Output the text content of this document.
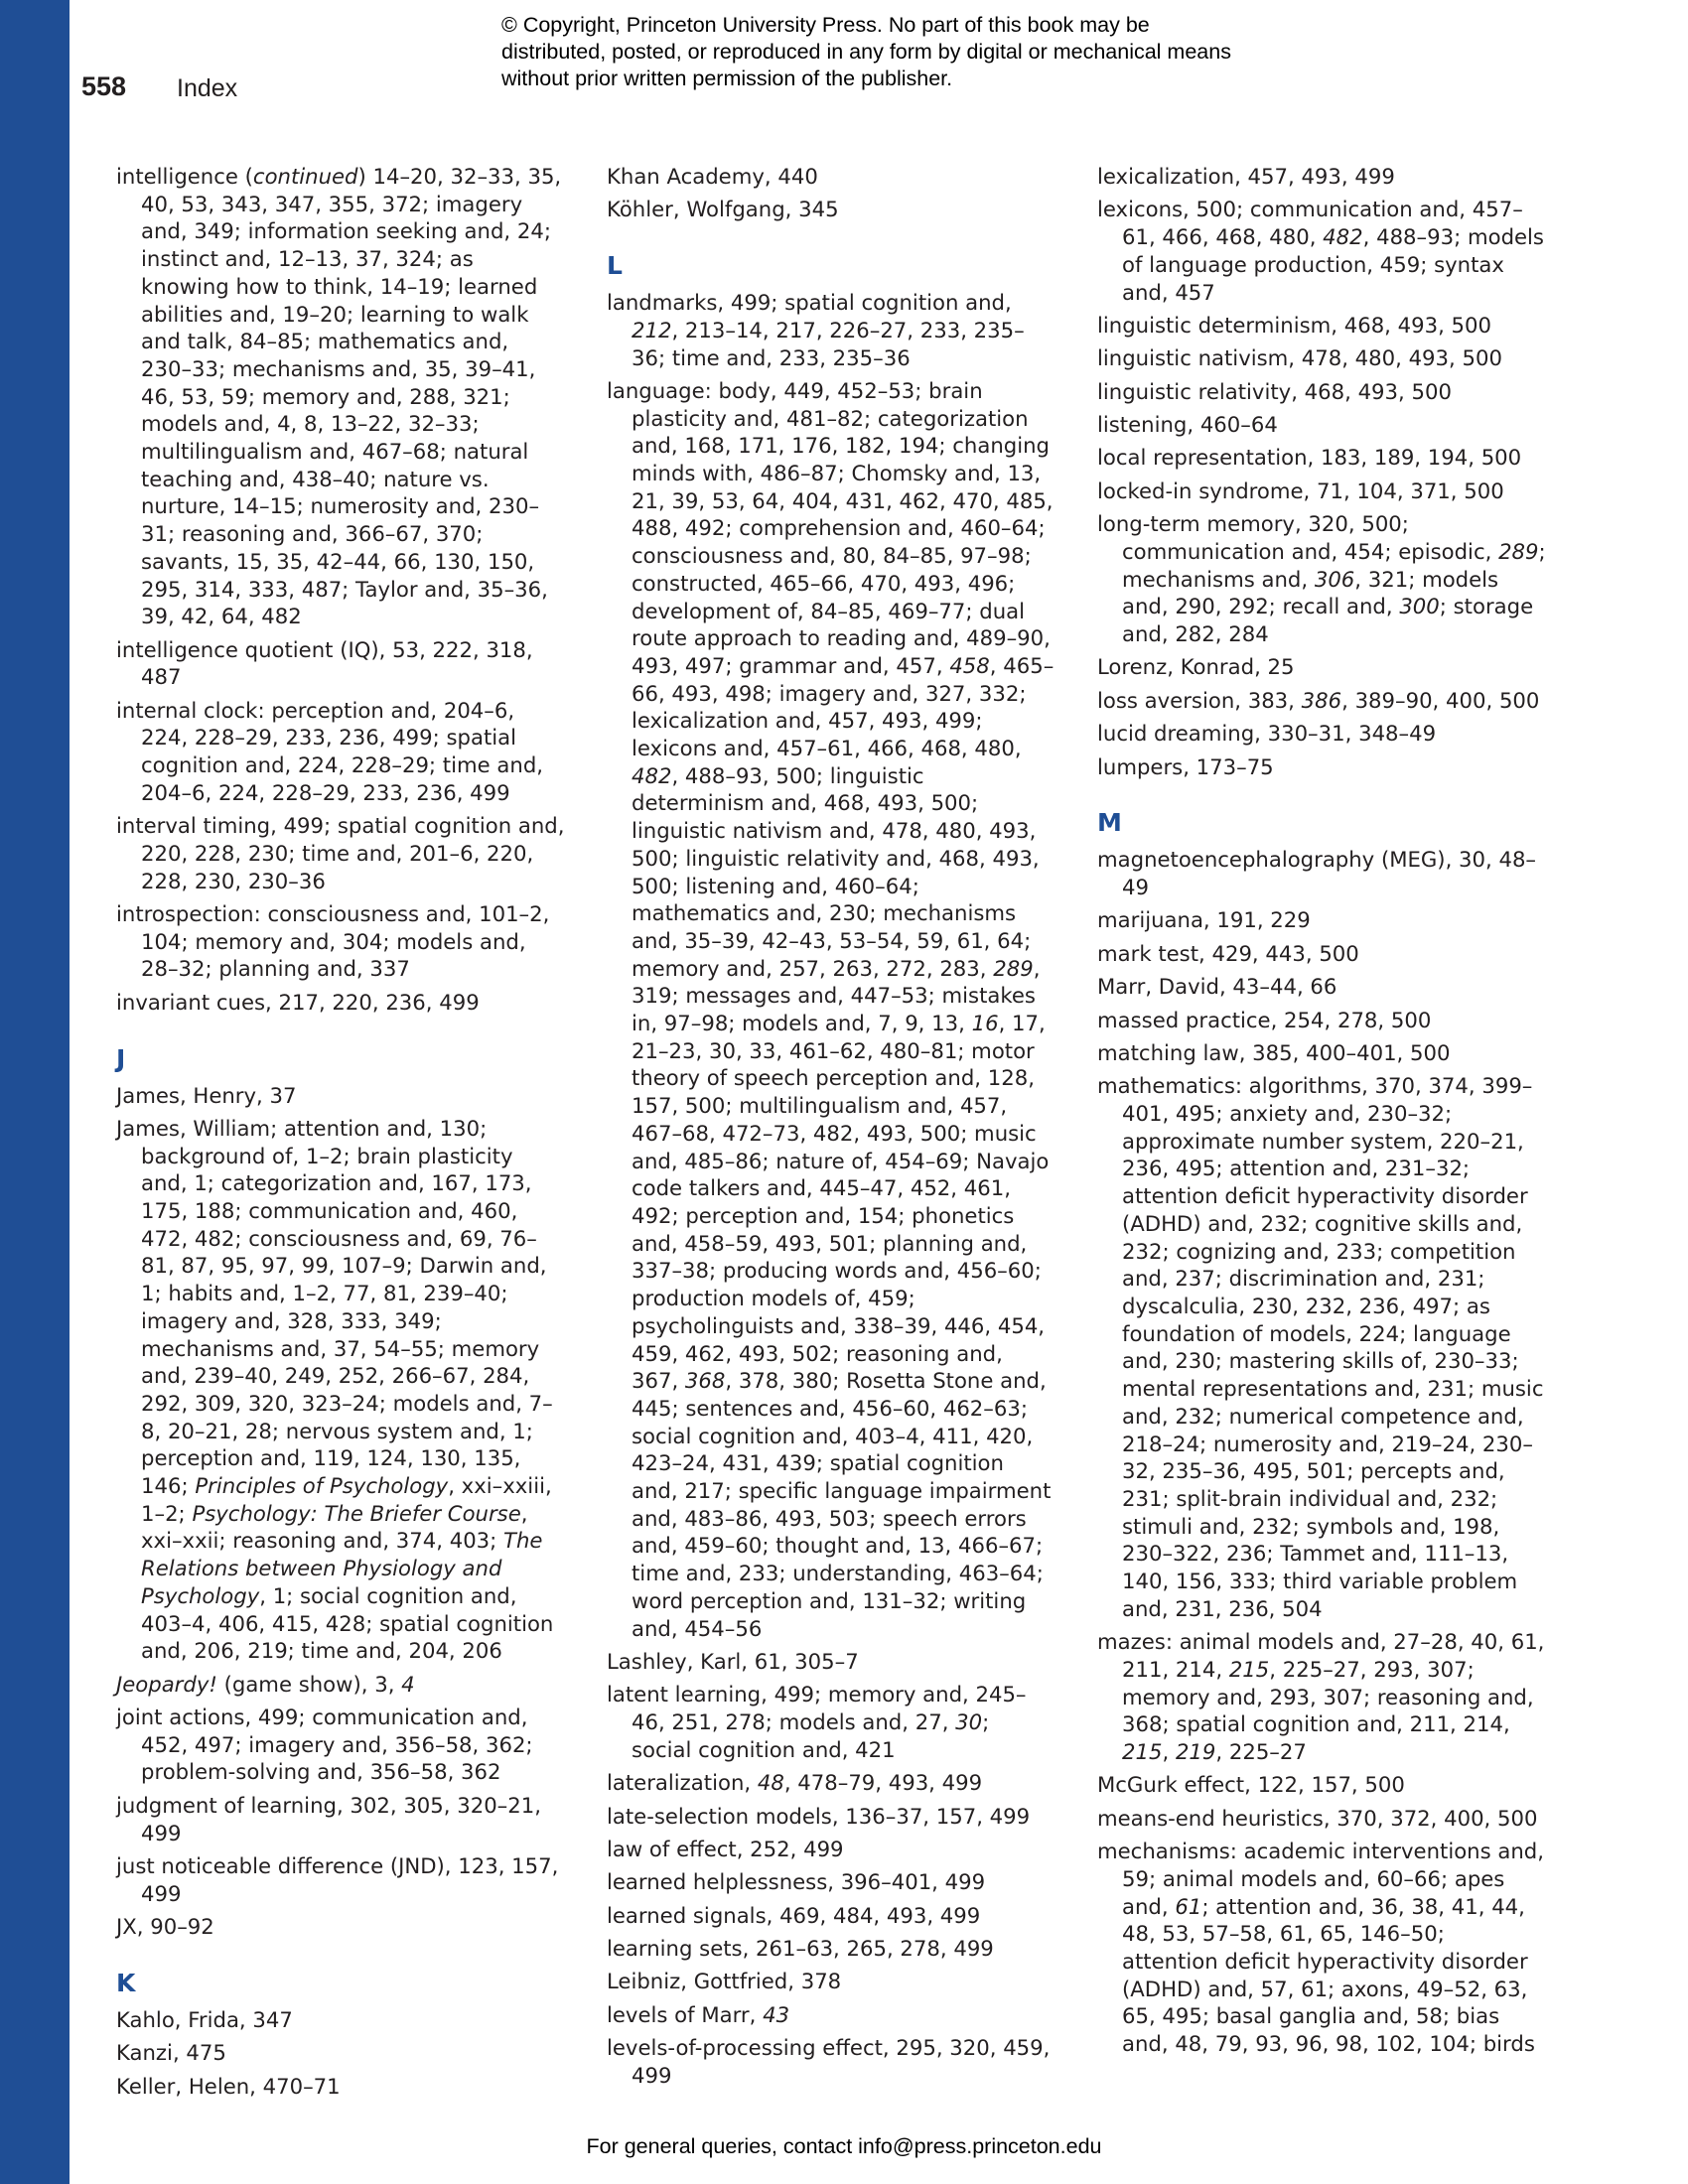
© Copyright, Princeton University Press. No part of this book may be distributed, posted, or reproduced in any form by digital or mechanical means without prior written permission of the publisher.
558 Index
intelligence (continued) 14–20, 32–33, 35, 40, 53, 343, 347, 355, 372; imagery and, 349; information seeking and, 24; instinct and, 12–13, 37, 324; as knowing how to think, 14–19; learned abilities and, 19–20; learning to walk and talk, 84–85; mathematics and, 230–33; mechanisms and, 35, 39–41, 46, 53, 59; memory and, 288, 321; models and, 4, 8, 13–22, 32–33; multilingualism and, 467–68; natural teaching and, 438–40; nature vs. nurture, 14–15; numerosity and, 230–31; reasoning and, 366–67, 370; savants, 15, 35, 42–44, 66, 130, 150, 295, 314, 333, 487; Taylor and, 35–36, 39, 42, 64, 482
intelligence quotient (IQ), 53, 222, 318, 487
internal clock: perception and, 204–6, 224, 228–29, 233, 236, 499; spatial cognition and, 224, 228–29; time and, 204–6, 224, 228–29, 233, 236, 499
interval timing, 499; spatial cognition and, 220, 228, 230; time and, 201–6, 220, 228, 230, 230–36
introspection: consciousness and, 101–2, 104; memory and, 304; models and, 28–32; planning and, 337
invariant cues, 217, 220, 236, 499
J
James, Henry, 37
James, William; attention and, 130; background of, 1–2; brain plasticity and, 1; categorization and, 167, 173, 175, 188; communication and, 460, 472, 482; consciousness and, 69, 76–81, 87, 95, 97, 99, 107–9; Darwin and, 1; habits and, 1–2, 77, 81, 239–40; imagery and, 328, 333, 349; mechanisms and, 37, 54–55; memory and, 239–40, 249, 252, 266–67, 284, 292, 309, 320, 323–24; models and, 7–8, 20–21, 28; nervous system and, 1; perception and, 119, 124, 130, 135, 146; Principles of Psychology, xxi–xxiii, 1–2; Psychology: The Briefer Course, xxi–xxii; reasoning and, 374, 403; The Relations between Physiology and Psychology, 1; social cognition and, 403–4, 406, 415, 428; spatial cognition and, 206, 219; time and, 204, 206
Jeopardy! (game show), 3, 4
joint actions, 499; communication and, 452, 497; imagery and, 356–58, 362; problem-solving and, 356–58, 362
judgment of learning, 302, 305, 320–21, 499
just noticeable difference (JND), 123, 157, 499
JX, 90–92
K
Kahlo, Frida, 347
Kanzi, 475
Keller, Helen, 470–71
Khan Academy, 440
Köhler, Wolfgang, 345
L
landmarks, 499; spatial cognition and, 212, 213–14, 217, 226–27, 233, 235–36; time and, 233, 235–36
language: body, 449, 452–53; brain plasticity and, 481–82; categorization and, 168, 171, 176, 182, 194; changing minds with, 486–87; Chomsky and, 13, 21, 39, 53, 64, 404, 431, 462, 470, 485, 488, 492; comprehension and, 460–64; consciousness and, 80, 84–85, 97–98; constructed, 465–66, 470, 493, 496; development of, 84–85, 469–77; dual route approach to reading and, 489–90, 493, 497; grammar and, 457, 458, 465–66, 493, 498; imagery and, 327, 332; lexicalization and, 457, 493, 499; lexicons and, 457–61, 466, 468, 480, 482, 488–93, 500; linguistic determinism and, 468, 493, 500; linguistic nativism and, 478, 480, 493, 500; linguistic relativity and, 468, 493, 500; listening and, 460–64; mathematics and, 230; mechanisms and, 35–39, 42–43, 53–54, 59, 61, 64; memory and, 257, 263, 272, 283, 289, 319; messages and, 447–53; mistakes in, 97–98; models and, 7, 9, 13, 16, 17, 21–23, 30, 33, 461–62, 480–81; motor theory of speech perception and, 128, 157, 500; multilingualism and, 457, 467–68, 472–73, 482, 493, 500; music and, 485–86; nature of, 454–69; Navajo code talkers and, 445–47, 452, 461, 492; perception and, 154; phonetics and, 458–59, 493, 501; planning and, 337–38; producing words and, 456–60; production models of, 459; psycholinguists and, 338–39, 446, 454, 459, 462, 493, 502; reasoning and, 367, 368, 378, 380; Rosetta Stone and, 445; sentences and, 456–60, 462–63; social cognition and, 403–4, 411, 420, 423–24, 431, 439; spatial cognition and, 217; specific language impairment and, 483–86, 493, 503; speech errors and, 459–60; thought and, 13, 466–67; time and, 233; understanding, 463–64; word perception and, 131–32; writing and, 454–56
Lashley, Karl, 61, 305–7
latent learning, 499; memory and, 245–46, 251, 278; models and, 27, 30; social cognition and, 421
lateralization, 48, 478–79, 493, 499
late-selection models, 136–37, 157, 499
law of effect, 252, 499
learned helplessness, 396–401, 499
learned signals, 469, 484, 493, 499
learning sets, 261–63, 265, 278, 499
Leibniz, Gottfried, 378
levels of Marr, 43
levels-of-processing effect, 295, 320, 459, 499
lexicalization, 457, 493, 499
lexicons, 500; communication and, 457–61, 466, 468, 480, 482, 488–93; models of language production, 459; syntax and, 457
linguistic determinism, 468, 493, 500
linguistic nativism, 478, 480, 493, 500
linguistic relativity, 468, 493, 500
listening, 460–64
local representation, 183, 189, 194, 500
locked-in syndrome, 71, 104, 371, 500
long-term memory, 320, 500; communication and, 454; episodic, 289; mechanisms and, 306, 321; models and, 290, 292; recall and, 300; storage and, 282, 284
Lorenz, Konrad, 25
loss aversion, 383, 386, 389–90, 400, 500
lucid dreaming, 330–31, 348–49
lumpers, 173–75
M
magnetoencephalography (MEG), 30, 48–49
marijuana, 191, 229
mark test, 429, 443, 500
Marr, David, 43–44, 66
massed practice, 254, 278, 500
matching law, 385, 400–401, 500
mathematics: algorithms, 370, 374, 399–401, 495; anxiety and, 230–32; approximate number system, 220–21, 236, 495; attention and, 231–32; attention deficit hyperactivity disorder (ADHD) and, 232; cognitive skills and, 232; cognizing and, 233; competition and, 237; discrimination and, 231; dyscalculia, 230, 232, 236, 497; as foundation of models, 224; language and, 230; mastering skills of, 230–33; mental representations and, 231; music and, 232; numerical competence and, 218–24; numerosity and, 219–24, 230–32, 235–36, 495, 501; percepts and, 231; split-brain individual and, 232; stimuli and, 232; symbols and, 198, 230–322, 236; Tammet and, 111–13, 140, 156, 333; third variable problem and, 231, 236, 504
mazes: animal models and, 27–28, 40, 61, 211, 214, 215, 225–27, 293, 307; memory and, 293, 307; reasoning and, 368; spatial cognition and, 211, 214, 215, 219, 225–27
McGurk effect, 122, 157, 500
means-end heuristics, 370, 372, 400, 500
mechanisms: academic interventions and, 59; animal models and, 60–66; apes and, 61; attention and, 36, 38, 41, 44, 48, 53, 57–58, 61, 65, 146–50; attention deficit hyperactivity disorder (ADHD) and, 57, 61; axons, 49–52, 63, 65, 495; basal ganglia and, 58; bias and, 48, 79, 93, 96, 98, 102, 104; birds
For general queries, contact info@press.princeton.edu
